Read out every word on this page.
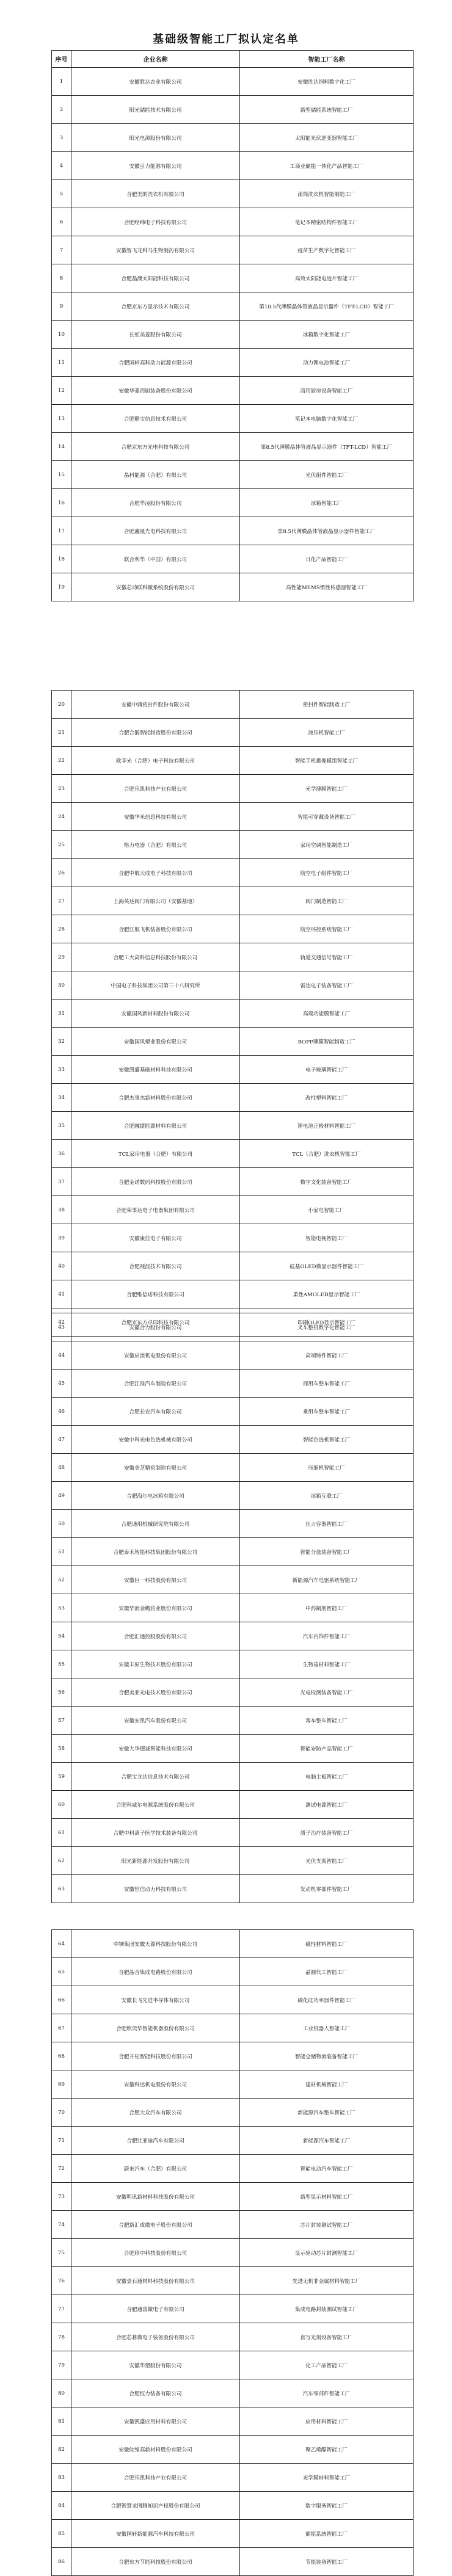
基础级智能工厂拟认定名单
序号	企业名称	智能工厂名称
1	安徽胜达农业有限公司	安徽胜达饲料数字化工厂
2	阳光储能技术有限公司	新型储能系统智能工厂
3	阳光电源股份有限公司	太阳能光伏逆变器智能工厂
4	安徽引力能源有限公司	工商业储能一体化产品智能工厂
5	合肥美的洗衣机有限公司	滚筒洗衣机智能制造工厂
6	合肥经纬电子科技有限公司	笔记本精密结构件智能工厂
7	安徽智飞龙科马生物制药有限公司	疫苗生产数字化智能工厂
8	合肥晶澳太阳能科技有限公司	高效太阳能电池片智能工厂
9	合肥京东方显示技术有限公司	第10.5代薄膜晶体管液晶显示器件（TFT-LCD）智能工厂
10	长虹美菱股份有限公司	冰箱数字化智能工厂
11	合肥国轩高科动力能源有限公司	动力锂电池智能工厂
12	安徽华菱西厨装备股份有限公司	商用厨房设备智能工厂
13	合肥联宝信息技术有限公司	笔记本电脑数字化智能工厂
14	合肥京东方光电科技有限公司	第8.5代薄膜晶体管液晶显示器件（TFT-LCD）智能工厂
15	晶科能源（合肥）有限公司	光伏组件智能工厂
16	合肥华凌股份有限公司	冰箱智能工厂
17	合肥鑫晟光电科技有限公司	第8.5代薄膜晶体管液晶显示器件智能工厂
18	联合利华（中国）有限公司	日化产品智能工厂
19	安徽芯动联科微系统股份有限公司	高性能MEMS惯性传感器智能工厂
20	安徽中鼎密封件股份有限公司	密封件智能制造工厂
21	合肥合锻智能制造股份有限公司	液压机智能工厂
22	欧菲光（合肥）电子科技有限公司	智能手机摄像模组智能工厂
23	合肥乐凯科技产业有限公司	光学薄膜智能工厂
24	安徽华米信息科技有限公司	智能可穿戴设备智能工厂
25	格力电器（合肥）有限公司	家用空调智能制造工厂
26	合肥中航天成电子科技有限公司	航空电子组件智能工厂
27	上海英达阀门有限公司（安徽基地）	阀门制造智能工厂
28	合肥江航飞机装备股份有限公司	航空环控系统智能工厂
29	合肥工大高科信息科技股份有限公司	轨道交通信号智能工厂
30	中国电子科技集团公司第三十八研究所	雷达电子装备智能工厂
31	安徽国风新材料股份有限公司	高端功能膜智能工厂
32	安徽国风塑业股份有限公司	BOPP薄膜智能制造工厂
33	安徽凯盛基础材料科技有限公司	电子玻璃智能工厂
34	合肥杰事杰新材料股份有限公司	改性塑料智能工厂
35	合肥融捷能源材料有限公司	锂电池正极材料智能工厂
36	TCL家用电器（合肥）有限公司	TCL（合肥）洗衣机智能工厂
37	合肥金诺数码科技股份有限公司	数字文化装备智能工厂
38	合肥荣事达电子电器集团有限公司	小家电智能工厂
39	安徽康佳电子有限公司	智能电视智能工厂
40	合肥视涯技术有限公司	硅基OLED微显示器件智能工厂
41	合肥维信诺科技有限公司	柔性AMOLED显示智能工厂
42	合肥京东方卓印科技有限公司	印刷OLED显示智能工厂
43	安徽合力股份有限公司	叉车整机数字化智能工厂
44	安徽应流机电股份有限公司	高端铸件智能工厂
45	合肥江淮汽车制造有限公司	商用车整车智能工厂
46	合肥长安汽车有限公司	乘用车整车智能工厂
47	安徽中科光电色选机械有限公司	智能色选机智能工厂
48	安徽美芝精密制造有限公司	压缩机智能工厂
49	合肥海尔电冰箱有限公司	冰箱互联工厂
50	合肥通用机械研究院有限公司	压力容器智能工厂
51	合肥泰禾智能科技集团股份有限公司	智能分选装备智能工厂
52	安徽巨一科技股份有限公司	新能源汽车电驱系统智能工厂
53	安徽华润金蟾药业股份有限公司	中药制剂智能工厂
54	合肥汇通控股股份有限公司	汽车内饰件智能工厂
55	安徽丰原生物技术股份有限公司	生物基材料智能工厂
56	合肥美亚光电技术股份有限公司	光电检测装备智能工厂
57	安徽安凯汽车股份有限公司	客车整车智能工厂
58	安徽大华德诚智能科技有限公司	智能安防产品智能工厂
59	合肥宝龙达信息技术有限公司	电脑主板智能工厂
60	合肥科威尔电源系统股份有限公司	测试电源智能工厂
61	合肥中科离子医学技术装备有限公司	质子治疗装备智能工厂
62	阳光新能源开发股份有限公司	光伏支架智能工厂
63	安徽恒信动力科技有限公司	发动机零部件智能工厂
64	中钢集团安徽天源科技股份有限公司	磁性材料智能工厂
65	合肥晶合集成电路股份有限公司	晶圆代工智能工厂
66	安徽长飞先进半导体有限公司	碳化硅功率器件智能工厂
67	合肥欣奕华智能机器股份有限公司	工业机器人智能工厂
68	合肥井松智能科技股份有限公司	智能仓储物流装备智能工厂
69	安徽科达机电股份有限公司	建材机械智能工厂
70	合肥大众汽车有限公司	新能源汽车整车智能工厂
71	合肥比亚迪汽车有限公司	新能源汽车智能工厂
72	蔚来汽车（合肥）有限公司	智能电动汽车智能工厂
73	安徽明讯新材料科技股份有限公司	新型显示材料智能工厂
74	合肥新汇成微电子股份有限公司	芯片封装测试智能工厂
75	合肥颀中科技股份有限公司	显示驱动芯片封测智能工厂
76	安徽壹石通材料科技股份有限公司	先进无机非金属材料智能工厂
77	合肥通富微电子有限公司	集成电路封装测试智能工厂
78	合肥芯碁微电子装备股份有限公司	直写光刻设备智能工厂
79	安徽华塑股份有限公司	化工产品智能工厂
80	合肥恒力装备有限公司	汽车零部件智能工厂
81	安徽凯盛应用材料有限公司	应用材料智能工厂
82	安徽皖维高新材料股份有限公司	聚乙烯醇智能工厂
83	合肥乐凯科技产业有限公司	光学膜材料智能工厂
84	合肥智慧龙图腾知识产权股份有限公司	数字服务智能工厂
85	安徽国轩新能源汽车科技有限公司	储能系统智能工厂
86	合肥东方节能科技股份有限公司	节能装备智能工厂
